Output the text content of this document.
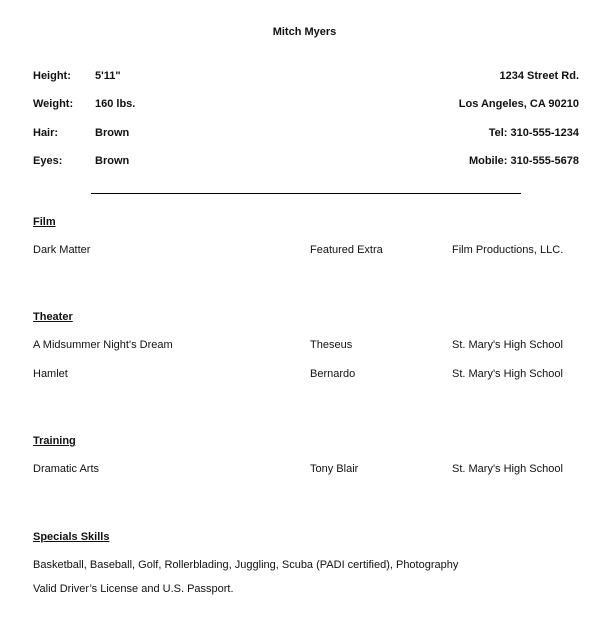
Mitch Myers
Height: 5'11"
Weight: 160 lbs.
Hair:	Brown
Eyes:	Brown
1234 Street Rd.
Los Angeles, CA 90210
Tel: 310-555-1234
Mobile: 310-555-5678
Film
Dark Matter	Featured Extra	Film Productions, LLC.
Theater
A Midsummer Night's Dream	Theseus	St. Mary's High School
Hamlet	Bernardo	St. Mary's High School
Training
Dramatic Arts	Tony Blair	St. Mary's High School
Specials Skills
Basketball, Baseball, Golf, Rollerblading, Juggling, Scuba (PADI certified), Photography
Valid Driver’s License and U.S. Passport.
